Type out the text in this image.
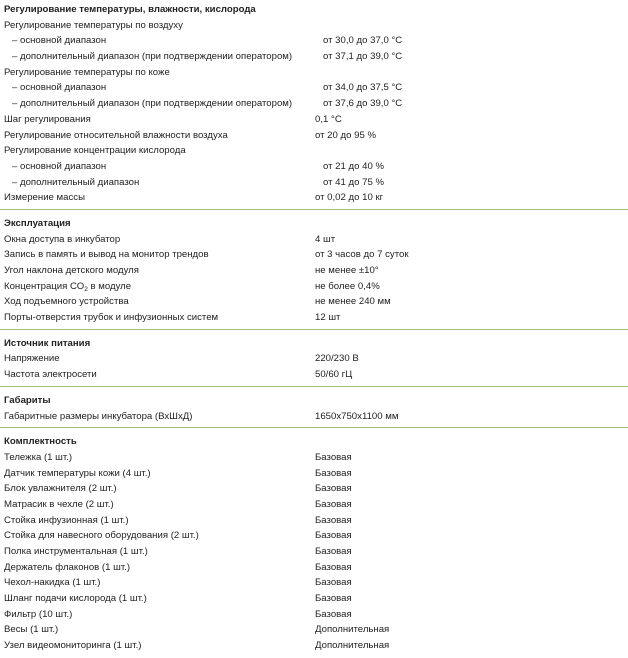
Регулирование температуры, влажности, кислорода
Регулирование температуры по воздуху
– основной диапазон	от 30,0 до 37,0 °С
– дополнительный диапазон (при подтверждении оператором)	от 37,1 до 39,0 °С
Регулирование температуры по коже
– основной диапазон	от 34,0 до 37,5 °С
– дополнительный диапазон (при подтверждении оператором)	от 37,6 до 39,0 °С
Шаг регулирования	0,1 °С
Регулирование относительной влажности воздуха	от 20 до 95 %
Регулирование концентрации кислорода
– основной диапазон	от 21 до 40 %
– дополнительный диапазон	от 41 до 75 %
Измерение массы	от 0,02 до 10 кг
Эксплуатация
Окна доступа в инкубатор	4 шт
Запись в память и вывод на монитор трендов	от 3 часов до 7 суток
Угол наклона детского модуля	не менее ±10°
Концентрация $СО_2$ в модуле	не более 0,4%
Ход подъемного устройства	не менее 240 мм
Порты-отверстия трубок и инфузионных систем	12 шт
Источник питания
Напряжение	220/230 В
Частота электросети	50/60 гЦ
Габариты
Габаритные размеры инкубатора (ВхШхД)	1650x750x1100 мм
Комплектность
Тележка (1 шт.)	Базовая
Датчик температуры кожи (4 шт.)	Базовая
Блок увлажнителя (2 шт.)	Базовая
Матрасик в чехле (2 шт.)	Базовая
Стойка инфузионная (1 шт.)	Базовая
Стойка для навесного оборудования (2 шт.)	Базовая
Полка инструментальная (1 шт.)	Базовая
Держатель флаконов (1 шт.)	Базовая
Чехол-накидка (1 шт.)	Базовая
Шланг подачи кислорода (1 шт.)	Базовая
Фильтр (10 шт.)	Базовая
Весы (1 шт.)	Дополнительная
Узел видеомониторинга (1 шт.)	Дополнительная
